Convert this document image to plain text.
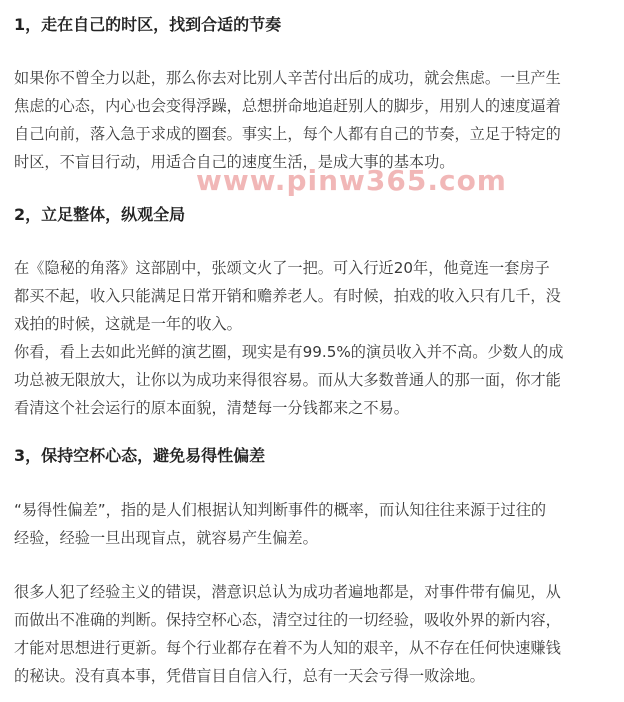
1，走在自己的时区，找到合适的节奏
如果你不曾全力以赴，那么你去对比别人辛苦付出后的成功，就会焦虑。一旦产生
焦虑的心态，内心也会变得浮躁，总想拼命地追赶别人的脚步，用别人的速度逼着
自己向前，落入急于求成的圈套。事实上，每个人都有自己的节奏，立足于特定的
时区，不盲目行动，用适合自己的速度生活，是成大事的基本功。
www.pinw365.com
2，立足整体，纵观全局
在《隐秘的角落》这部剧中，张颂文火了一把。可入行近20年，他竟连一套房子
都买不起，收入只能满足日常开销和赡养老人。有时候，拍戏的收入只有几千，没
戏拍的时候，这就是一年的收入。
你看，看上去如此光鲜的演艺圈，现实是有99.5%的演员收入并不高。少数人的成
功总被无限放大，让你以为成功来得很容易。而从大多数普通人的那一面，你才能
看清这个社会运行的原本面貌，清楚每一分钱都来之不易。
3，保持空杯心态，避免易得性偏差
“易得性偏差”，指的是人们根据认知判断事件的概率，而认知往往来源于过往的
经验，经验一旦出现盲点，就容易产生偏差。
很多人犯了经验主义的错误，潜意识总认为成功者遍地都是，对事件带有偏见，从
而做出不准确的判断。保持空杯心态，清空过往的一切经验，吸收外界的新内容，
才能对思想进行更新。每个行业都存在着不为人知的艰辛，从不存在任何快速赚钱
的秘诀。没有真本事，凭借盲目自信入行，总有一天会亏得一败涂地。
